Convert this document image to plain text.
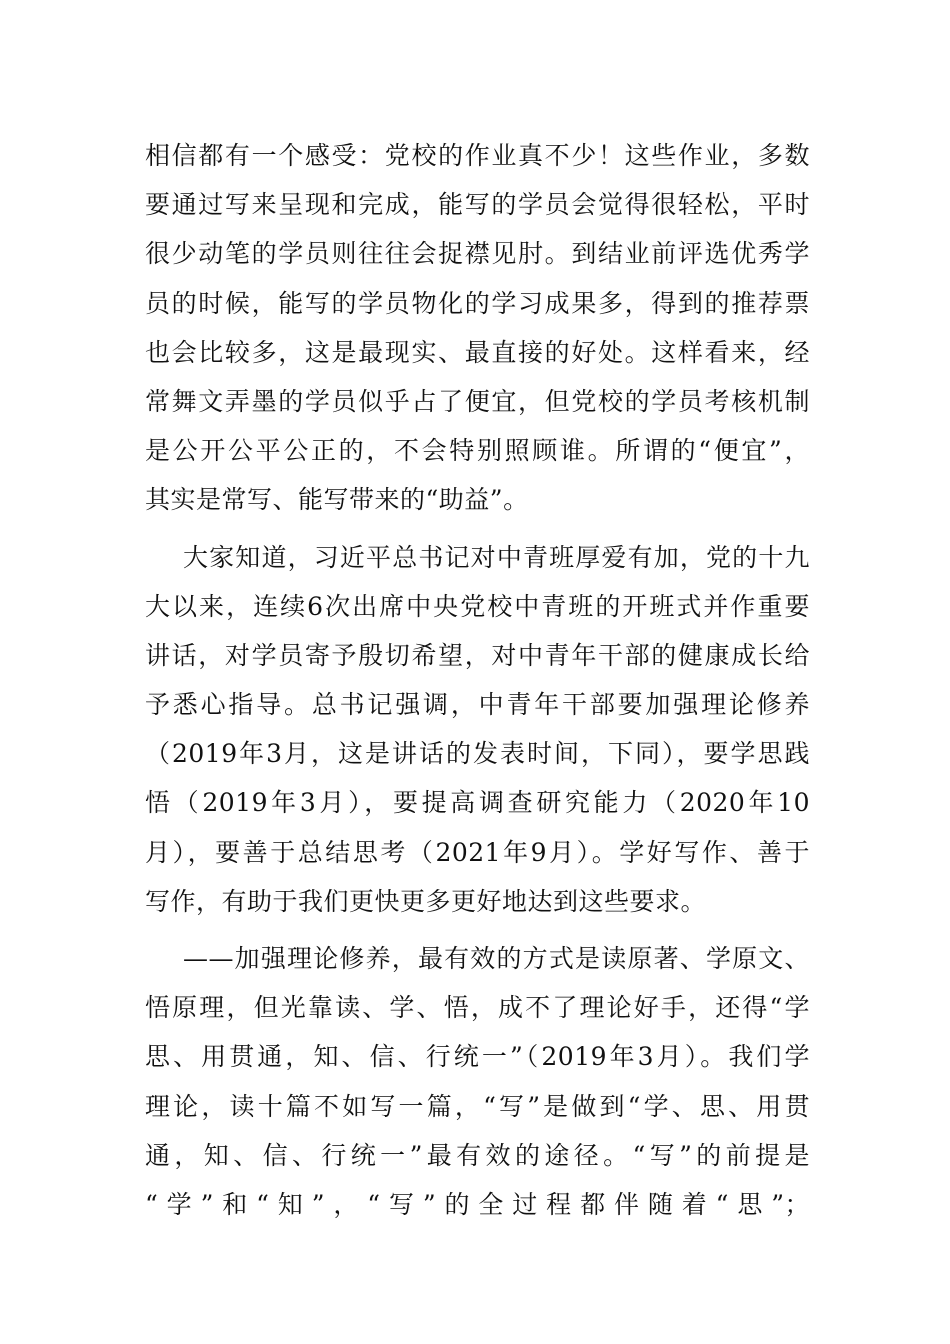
相信都有一个感受：党校的作业真不少！这些作业，多数
要通过写来呈现和完成，能写的学员会觉得很轻松，平时
很少动笔的学员则往往会捉襟见肘。到结业前评选优秀学
员的时候，能写的学员物化的学习成果多，得到的推荐票
也会比较多，这是最现实、最直接的好处。这样看来，经
常舞文弄墨的学员似乎占了便宜，但党校的学员考核机制
是公开公平公正的，不会特别照顾谁。所谓的“便宜”，
其实是常写、能写带来的“助益”。
大家知道，习近平总书记对中青班厚爱有加，党的十九
大以来，连续6次出席中央党校中青班的开班式并作重要
讲话，对学员寄予殷切希望，对中青年干部的健康成长给
予悉心指导。总书记强调，中青年干部要加强理论修养
（2019年3月，这是讲话的发表时间，下同），要学思践
悟（2019年3月），要提高调查研究能力（2020年10
月），要善于总结思考（2021年9月）。学好写作、善于
写作，有助于我们更快更多更好地达到这些要求。
——加强理论修养，最有效的方式是读原著、学原文、
悟原理，但光靠读、学、悟，成不了理论好手，还得“学
思、用贯通，知、信、行统一”（2019年3月）。我们学
理论，读十篇不如写一篇，“写”是做到“学、思、用贯
通，知、信、行统一”最有效的途径。“写”的前提是
“学”和“知”，“写”的全过程都伴随着“思”；
